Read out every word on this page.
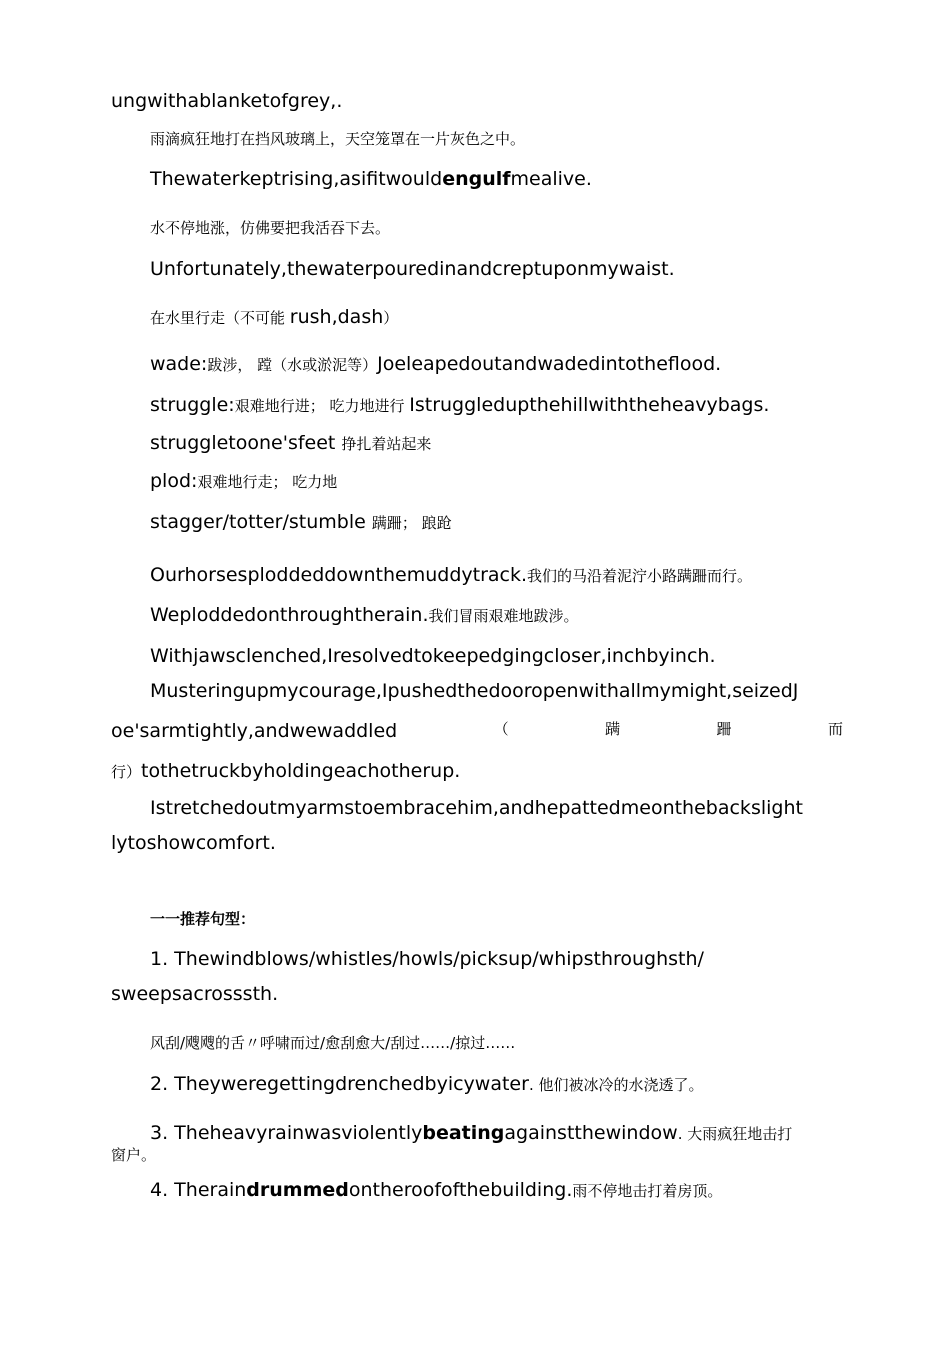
ungwithablanketofgrey,.
雨滴疯狂地打在挡风玻璃上，天空笼罩在一片灰色之中。
Thewaterkeptrising,asifitwouldengulfmealive.
水不停地涨，仿佛要把我活吞下去。
Unfortunately,thewaterpouredinandcreptuponmywaist.
在水里行走（不可能 rush,dash）
wade:跋涉， 蹚（水或淤泥等）Joeleapedoutandwadedintotheflood.
struggle:艰难地行进； 吃力地进行 Istruggledupthehillwiththeheavybags.
struggletoone'sfeet 挣扎着站起来
plod:艰难地行走； 吃力地
stagger/totter/stumble 蹒跚； 踉跄
Ourhorsesploddeddownthemuddytrack.我们的马沿着泥泞小路蹒跚而行。
Weploddedonthroughtherain.我们冒雨艰难地跋涉。
Withjawsclenched,Iresolvedtokeepedgingcloser,inchbyinch.
Musteringupmycourage,Ipushedthedooropenwithallmymight,seizedJ
oe'sarmtightly,andwewaddled	（	蹒	跚	而
行）tothetruckbyholdingeachotherup.
Istretchedoutmyarmstoembracehim,andhepattedmeonthebackslight
lytoshowcomfort.
一一推荐句型：
1. Thewindblows/whistles/howls/picksup/whipsthroughsth/
sweepsacrosssth.
风刮/飕飕的舌〃呼啸而过/愈刮愈大/刮过……/掠过……
2. Theyweregettingdrenchedbyicywater. 他们被冰冷的水浇透了。
3. Theheavyrainwasviolentlybeatingagainstthewindow. 大雨疯狂地击打
窗户。
4. Theraindrummedontheroofofthebuilding.雨不停地击打着房顶。
